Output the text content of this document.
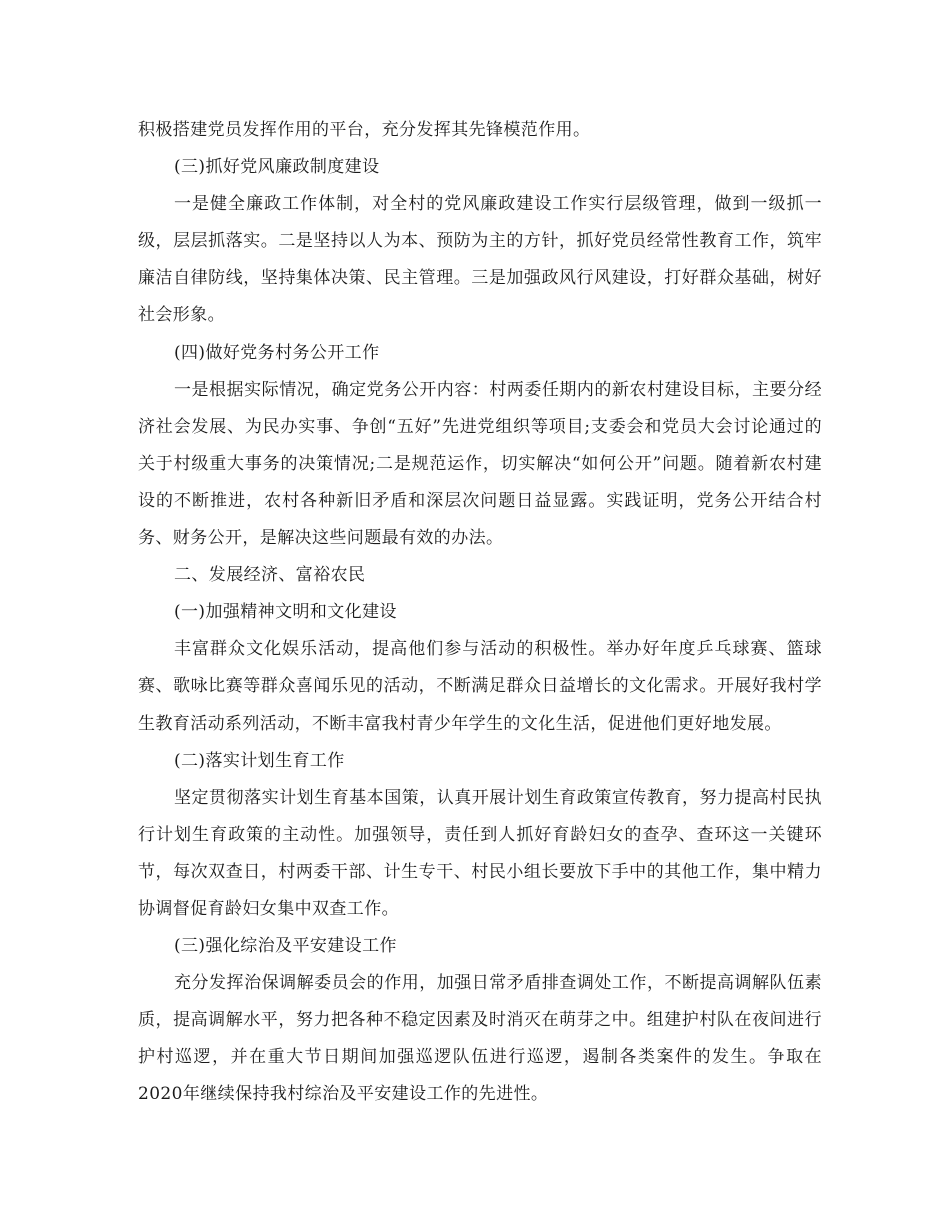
积极搭建党员发挥作用的平台，充分发挥其先锋模范作用。

(三)抓好党风廉政制度建设

一是健全廉政工作体制，对全村的党风廉政建设工作实行层级管理，做到一级抓一级，层层抓落实。二是坚持以人为本、预防为主的方针，抓好党员经常性教育工作，筑牢廉洁自律防线，坚持集体决策、民主管理。三是加强政风行风建设，打好群众基础，树好社会形象。

(四)做好党务村务公开工作

一是根据实际情况，确定党务公开内容：村两委任期内的新农村建设目标，主要分经济社会发展、为民办实事、争创“五好”先进党组织等项目;支委会和党员大会讨论通过的关于村级重大事务的决策情况;二是规范运作，切实解决“如何公开”问题。随着新农村建设的不断推进，农村各种新旧矛盾和深层次问题日益显露。实践证明，党务公开结合村务、财务公开，是解决这些问题最有效的办法。

二、发展经济、富裕农民

(一)加强精神文明和文化建设

丰富群众文化娱乐活动，提高他们参与活动的积极性。举办好年度乒乓球赛、篮球赛、歌咏比赛等群众喜闻乐见的活动，不断满足群众日益增长的文化需求。开展好我村学生教育活动系列活动，不断丰富我村青少年学生的文化生活，促进他们更好地发展。

(二)落实计划生育工作

坚定贯彻落实计划生育基本国策，认真开展计划生育政策宣传教育，努力提高村民执行计划生育政策的主动性。加强领导，责任到人抓好育龄妇女的查孕、查环这一关键环节，每次双查日，村两委干部、计生专干、村民小组长要放下手中的其他工作，集中精力协调督促育龄妇女集中双查工作。

(三)强化综治及平安建设工作

充分发挥治保调解委员会的作用，加强日常矛盾排查调处工作，不断提高调解队伍素质，提高调解水平，努力把各种不稳定因素及时消灭在萌芽之中。组建护村队在夜间进行护村巡逻，并在重大节日期间加强巡逻队伍进行巡逻，遏制各类案件的发生。争取在2020年继续保持我村综治及平安建设工作的先进性。
